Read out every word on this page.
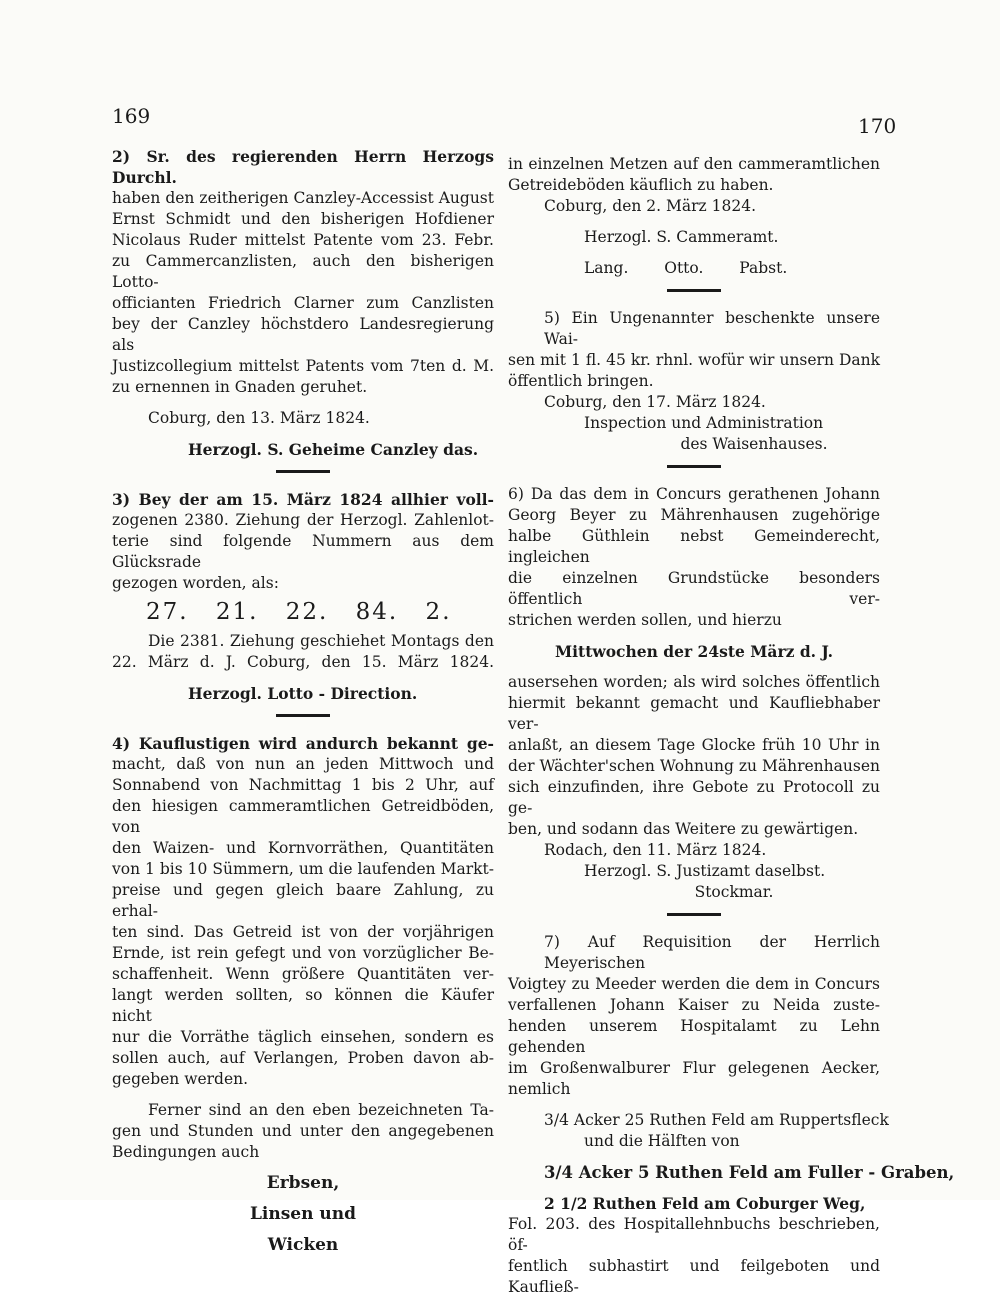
169	170
2) Sr. des regierenden Herrn Herzogs Durchl.
haben den zeitherigen Canzley-Accessist August
Ernst Schmidt und den bisherigen Hofdiener
Nicolaus Ruder mittelst Patente vom 23. Febr.
zu Cammercanzlisten, auch den bisherigen Lotto-
officianten Friedrich Clarner zum Canzlisten
bey der Canzley höchstdero Landesregierung als
Justizcollegium mittelst Patents vom 7ten d. M.
zu ernennen in Gnaden geruhet.
Coburg, den 13. März 1824.
Herzogl. S. Geheime Canzley das.
3) Bey der am 15. März 1824 allhier voll-
zogenen 2380. Ziehung der Herzogl. Zahlenlot-
terie sind folgende Nummern aus dem Glücksrade
gezogen worden, als:
27. 21. 22. 84. 2.
Die 2381. Ziehung geschiehet Montags den
22. März d. J. Coburg, den 15. März 1824.
Herzogl. Lotto - Direction.
4) Kauflustigen wird andurch bekannt ge-
macht, daß von nun an jeden Mittwoch und
Sonnabend von Nachmittag 1 bis 2 Uhr, auf
den hiesigen cammeramtlichen Getreidböden, von
den Waizen- und Kornvorräthen, Quantitäten
von 1 bis 10 Sümmern, um die laufenden Markt-
preise und gegen gleich baare Zahlung, zu erhal-
ten sind. Das Getreid ist von der vorjährigen
Ernde, ist rein gefegt und von vorzüglicher Be-
schaffenheit. Wenn größere Quantitäten ver-
langt werden sollten, so können die Käufer nicht
nur die Vorräthe täglich einsehen, sondern es
sollen auch, auf Verlangen, Proben davon ab-
gegeben werden.
Ferner sind an den eben bezeichneten Ta-
gen und Stunden und unter den angegebenen
Bedingungen auch
Erbsen,
Linsen und
Wicken
in einzelnen Metzen auf den cammeramtlichen
Getreideböden käuflich zu haben.
Coburg, den 2. März 1824.
Herzogl. S. Cammeramt.
Lang. Otto. Pabst.
5) Ein Ungenannter beschenkte unsere Wai-
sen mit 1 fl. 45 kr. rhnl. wofür wir unsern Dank
öffentlich bringen.
Coburg, den 17. März 1824.
Inspection und Administration
des Waisenhauses.
6) Da das dem in Concurs gerathenen Johann
Georg Beyer zu Mährenhausen zugehörige
halbe Güthlein nebst Gemeinderecht, ingleichen
die einzelnen Grundstücke besonders öffentlich ver-
strichen werden sollen, und hierzu
Mittwochen der 24ste März d. J.
ausersehen worden; als wird solches öffentlich
hiermit bekannt gemacht und Kaufliebhaber ver-
anlaßt, an diesem Tage Glocke früh 10 Uhr in
der Wächter'schen Wohnung zu Mährenhausen
sich einzufinden, ihre Gebote zu Protocoll zu ge-
ben, und sodann das Weitere zu gewärtigen.
Rodach, den 11. März 1824.
Herzogl. S. Justizamt daselbst.
Stockmar.
7) Auf Requisition der Herrlich Meyerischen
Voigtey zu Meeder werden die dem in Concurs
verfallenen Johann Kaiser zu Neida zuste-
henden unserem Hospitalamt zu Lehn gehenden
im Großenwalburer Flur gelegenen Aecker, nemlich
3/4 Acker 25 Ruthen Feld am Ruppertsfleck
und die Hälften von
3/4 Acker 5 Ruthen Feld am Fuller - Graben,
2 1/2 Ruthen Feld am Coburger Weg,
Fol. 203. des Hospitallehnbuchs beschrieben, öf-
fentlich subhastirt und feilgeboten und Kaufließ-
